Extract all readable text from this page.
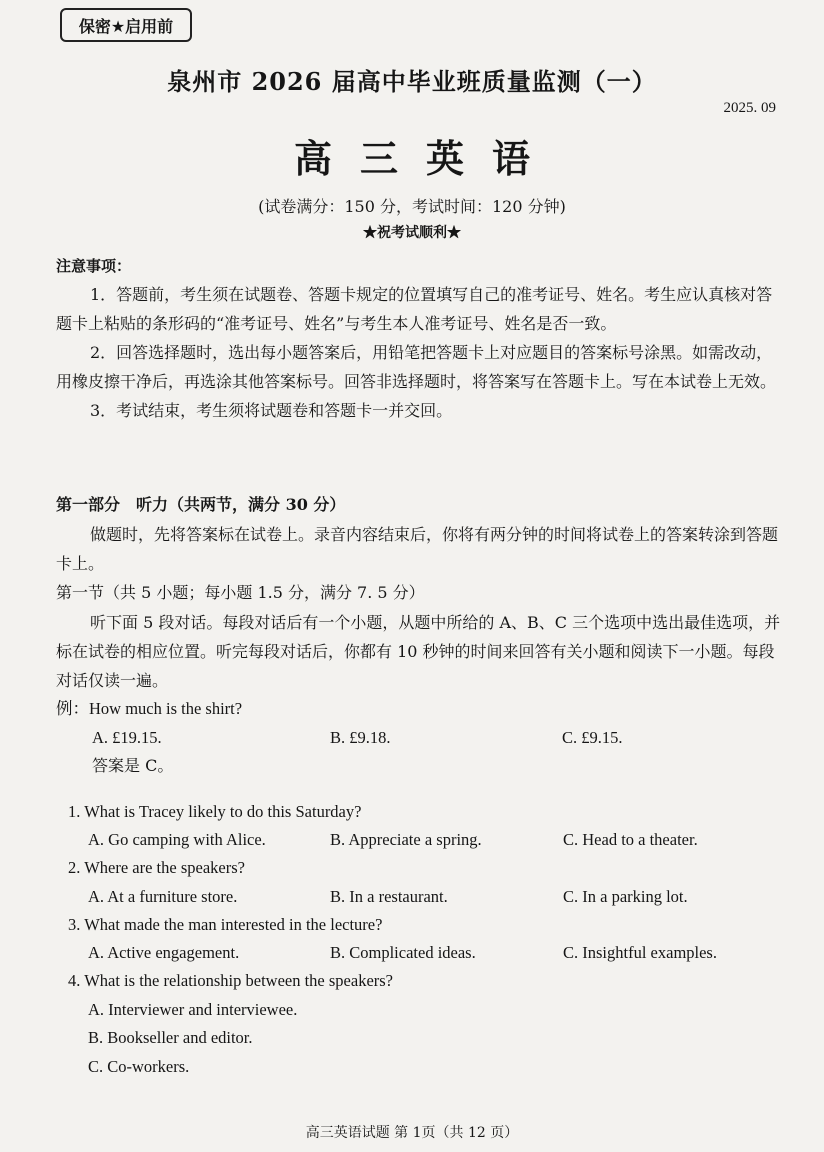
保密★启用前
泉州市 2026 届高中毕业班质量监测（一）
2025. 09
高三英语
(试卷满分：150 分，考试时间：120 分钟)
★祝考试顺利★

注意事项：

1．答题前，考生须在试题卷、答题卡规定的位置填写自己的准考证号、姓名。考生应认真核对答题卡上粘贴的条形码的“准考证号、姓名”与考生本人准考证号、姓名是否一致。

2．回答选择题时，选出每小题答案后，用铅笔把答题卡上对应题目的答案标号涂黑。如需改动，用橡皮擦干净后，再选涂其他答案标号。回答非选择题时，将答案写在答题卡上。写在本试卷上无效。

3．考试结束，考生须将试题卷和答题卡一并交回。

第一部分　听力（共两节，满分 30 分）

做题时，先将答案标在试卷上。录音内容结束后，你将有两分钟的时间将试卷上的答案转涂到答题卡上。

第一节（共 5 小题；每小题 1.5 分，满分 7. 5 分）

听下面 5 段对话。每段对话后有一个小题，从题中所给的 A、B、C 三个选项中选出最佳选项，并标在试卷的相应位置。听完每段对话后，你都有 10 秒钟的时间来回答有关小题和阅读下一小题。每段对话仅读一遍。

例：How much is the shirt?
A. £19.15.	B. £9.18.	C. £9.15.
答案是 C。
1. What is Tracey likely to do this Saturday?
A. Go camping with Alice.	B. Appreciate a spring.	C. Head to a theater.
2. Where are the speakers?
A. At a furniture store.	B. In a restaurant.	C. In a parking lot.
3. What made the man interested in the lecture?
A. Active engagement.	B. Complicated ideas.	C. Insightful examples.
4. What is the relationship between the speakers?
A. Interviewer and interviewee.
B. Bookseller and editor.
C. Co-workers.
高三英语试题 第 1页（共 12 页）
